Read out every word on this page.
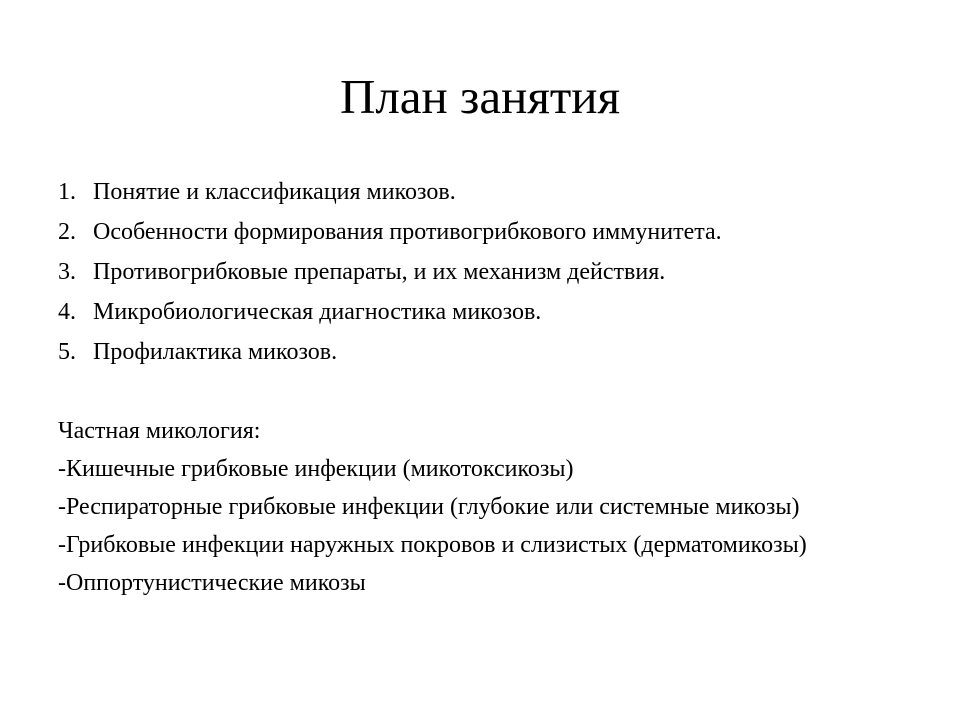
План занятия
1. Понятие и классификация микозов.
2. Особенности формирования противогрибкового иммунитета.
3. Противогрибковые препараты, и их механизм действия.
4. Микробиологическая диагностика микозов.
5. Профилактика микозов.
Частная микология:
-Кишечные грибковые инфекции (микотоксикозы)
-Респираторные грибковые инфекции (глубокие или системные микозы)
-Грибковые инфекции наружных покровов и слизистых (дерматомикозы)
-Оппортунистические микозы
